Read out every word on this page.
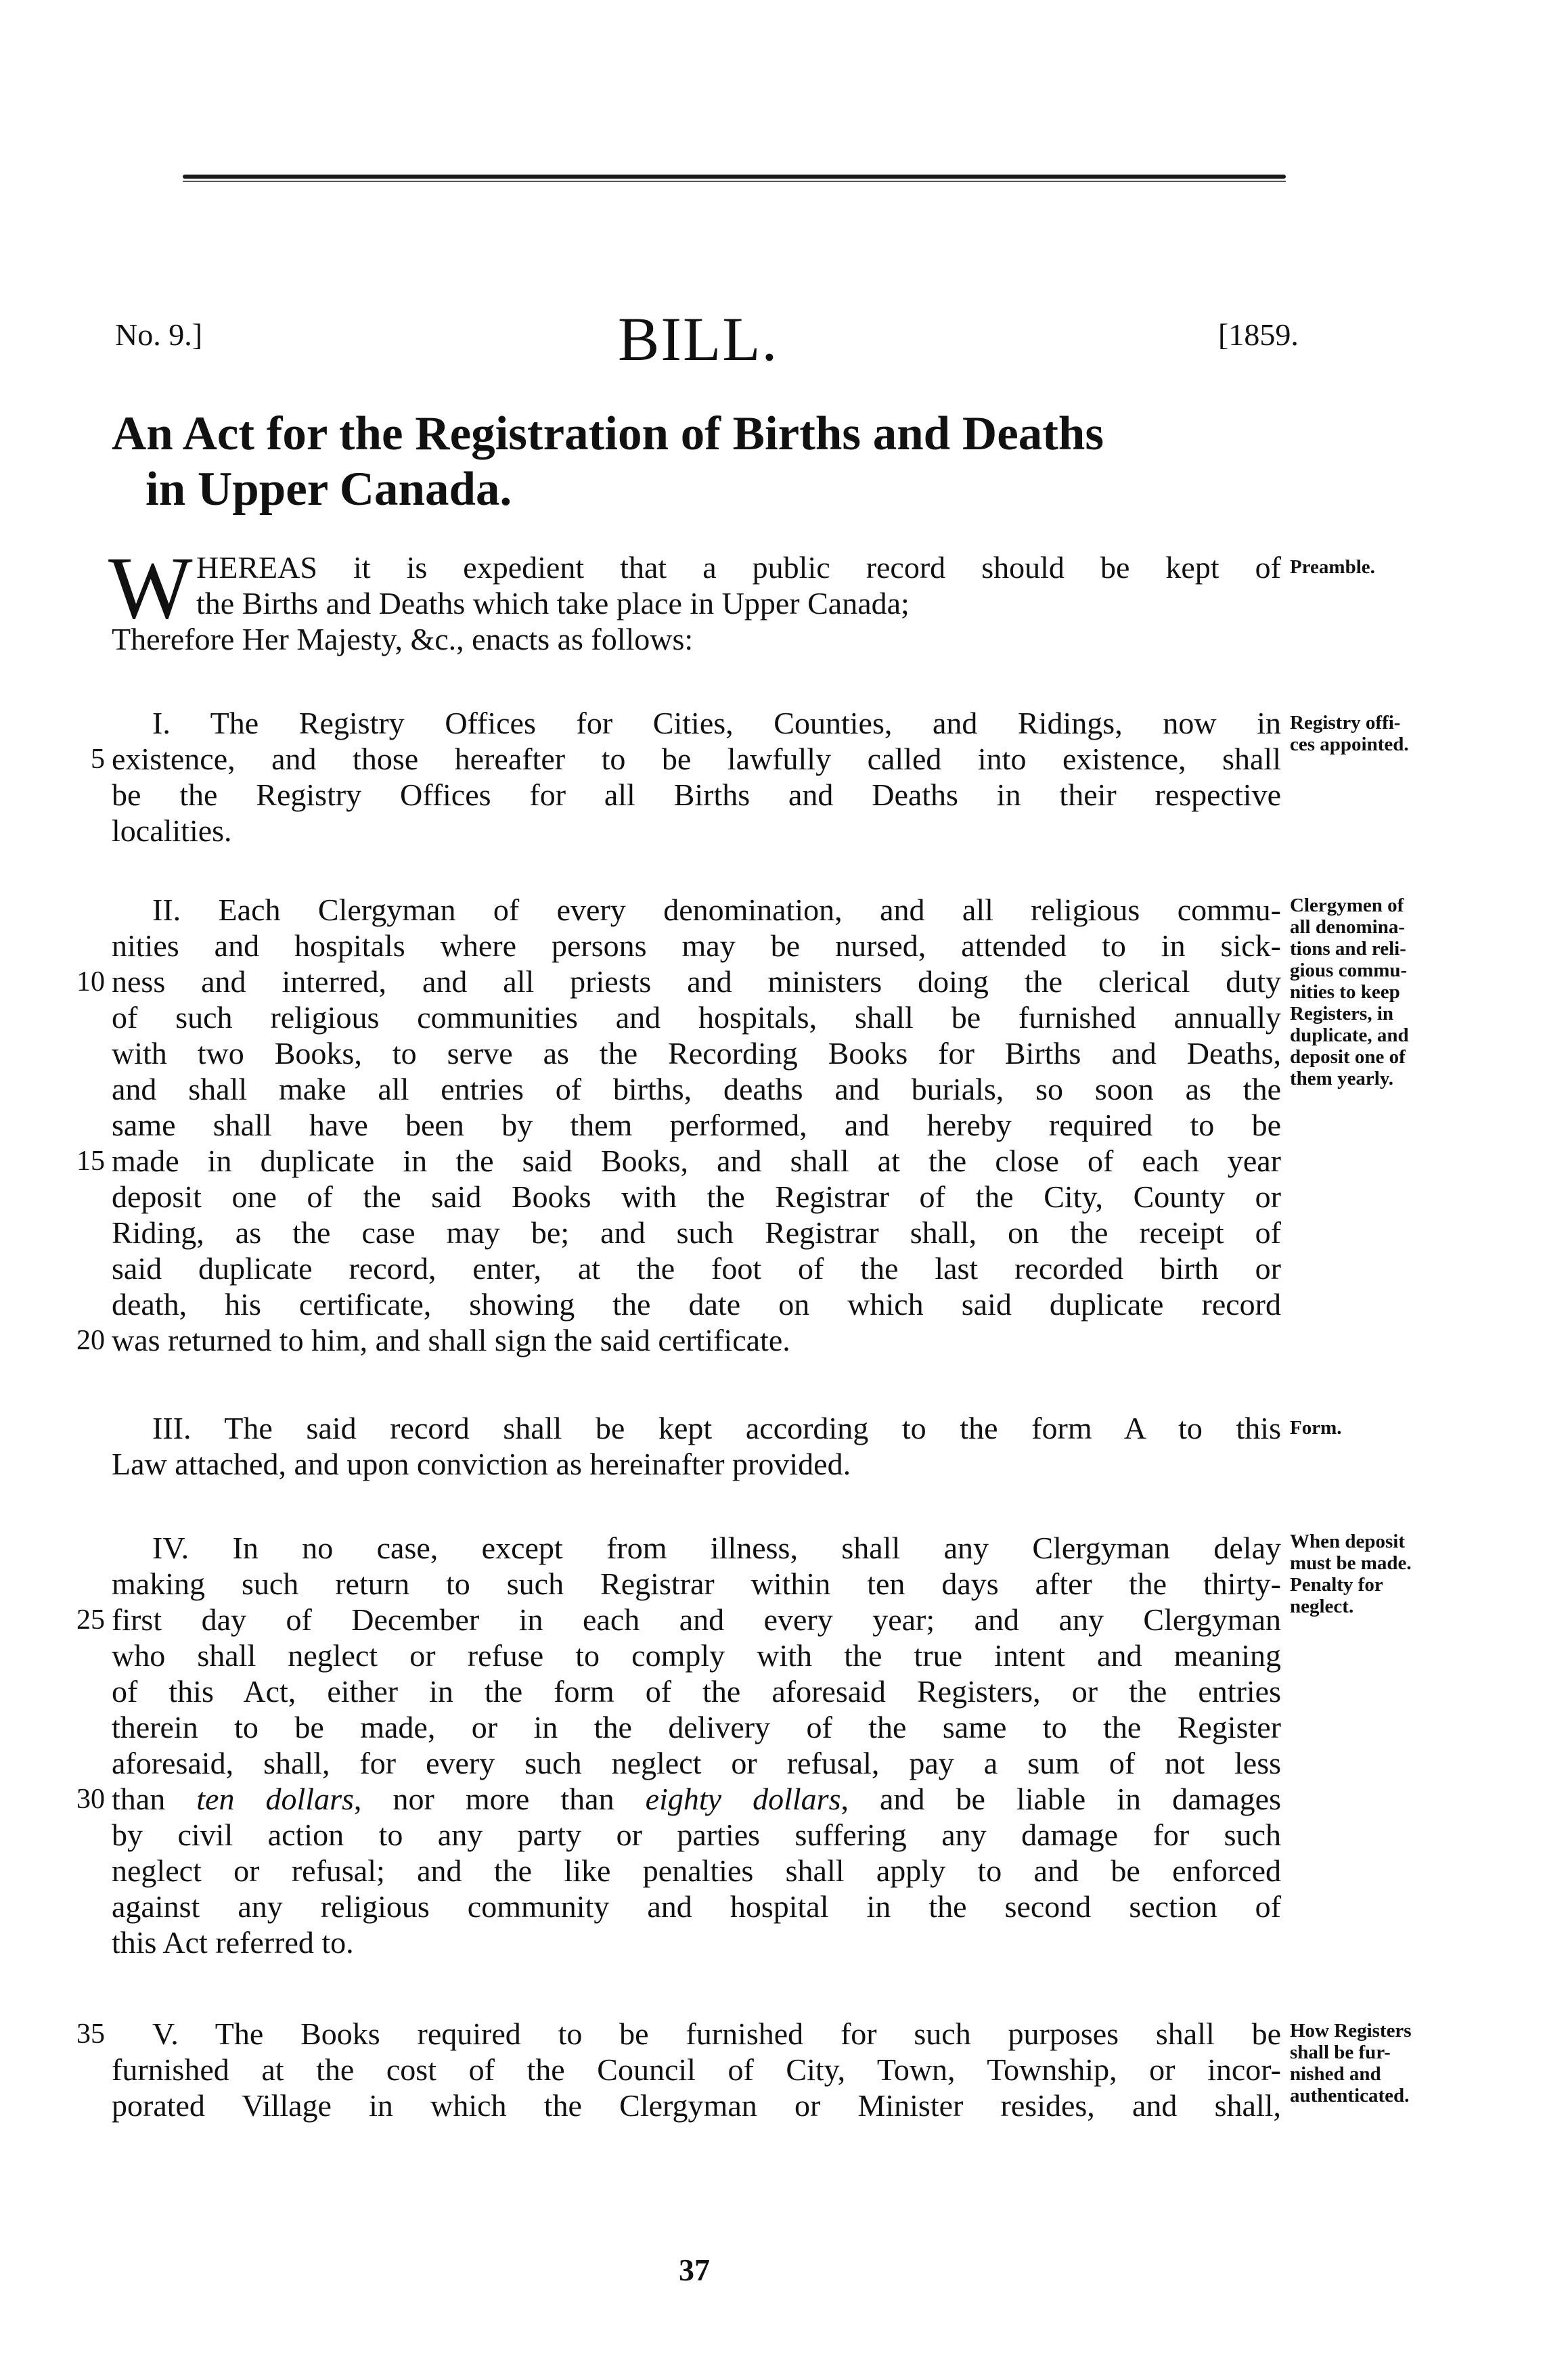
No. 9.]	BILL.	[1859.

An Act for the Registration of Births and Deaths
in Upper Canada.
W HEREAS it is expedient that a public record should be kept of

the Births and Deaths which take place in Upper Canada;

Therefore Her Majesty, &c., enacts as follows:

Preamble.

I. The Registry Offices for Cities, Counties, and Ridings, now in

existence, and those hereafter to be lawfully called into existence, shall

be the Registry Offices for all Births and Deaths in their respective

localities.

Registry offi-
ces appointed.

II. Each Clergyman of every denomination, and all religious commu-

nities and hospitals where persons may be nursed, attended to in sick-

ness and interred, and all priests and ministers doing the clerical duty

of such religious communities and hospitals, shall be furnished annually

with two Books, to serve as the Recording Books for Births and Deaths,

and shall make all entries of births, deaths and burials, so soon as the

same shall have been by them performed, and hereby required to be

made in duplicate in the said Books, and shall at the close of each year

deposit one of the said Books with the Registrar of the City, County or

Riding, as the case may be; and such Registrar shall, on the receipt of

said duplicate record, enter, at the foot of the last recorded birth or

death, his certificate, showing the date on which said duplicate record

was returned to him, and shall sign the said certificate.

Clergymen of
all denomina-
tions and reli-
gious commu-
nities to keep
Registers, in
duplicate, and
deposit one of
them yearly.

III. The said record shall be kept according to the form A to this

Law attached, and upon conviction as hereinafter provided.

Form.

IV. In no case, except from illness, shall any Clergyman delay

making such return to such Registrar within ten days after the thirty-

first day of December in each and every year; and any Clergyman

who shall neglect or refuse to comply with the true intent and meaning

of this Act, either in the form of the aforesaid Registers, or the entries

therein to be made, or in the delivery of the same to the Register

aforesaid, shall, for every such neglect or refusal, pay a sum of not less

than ten dollars, nor more than eighty dollars, and be liable in damages

by civil action to any party or parties suffering any damage for such

neglect or refusal; and the like penalties shall apply to and be enforced

against any religious community and hospital in the second section of

this Act referred to.

When deposit
must be made.
Penalty for
neglect.

V. The Books required to be furnished for such purposes shall be

furnished at the cost of the Council of City, Town, Township, or incor-

porated Village in which the Clergyman or Minister resides, and shall,

How Registers
shall be fur-
nished and
authenticated.

5

10

15

20

25

30

35

37
